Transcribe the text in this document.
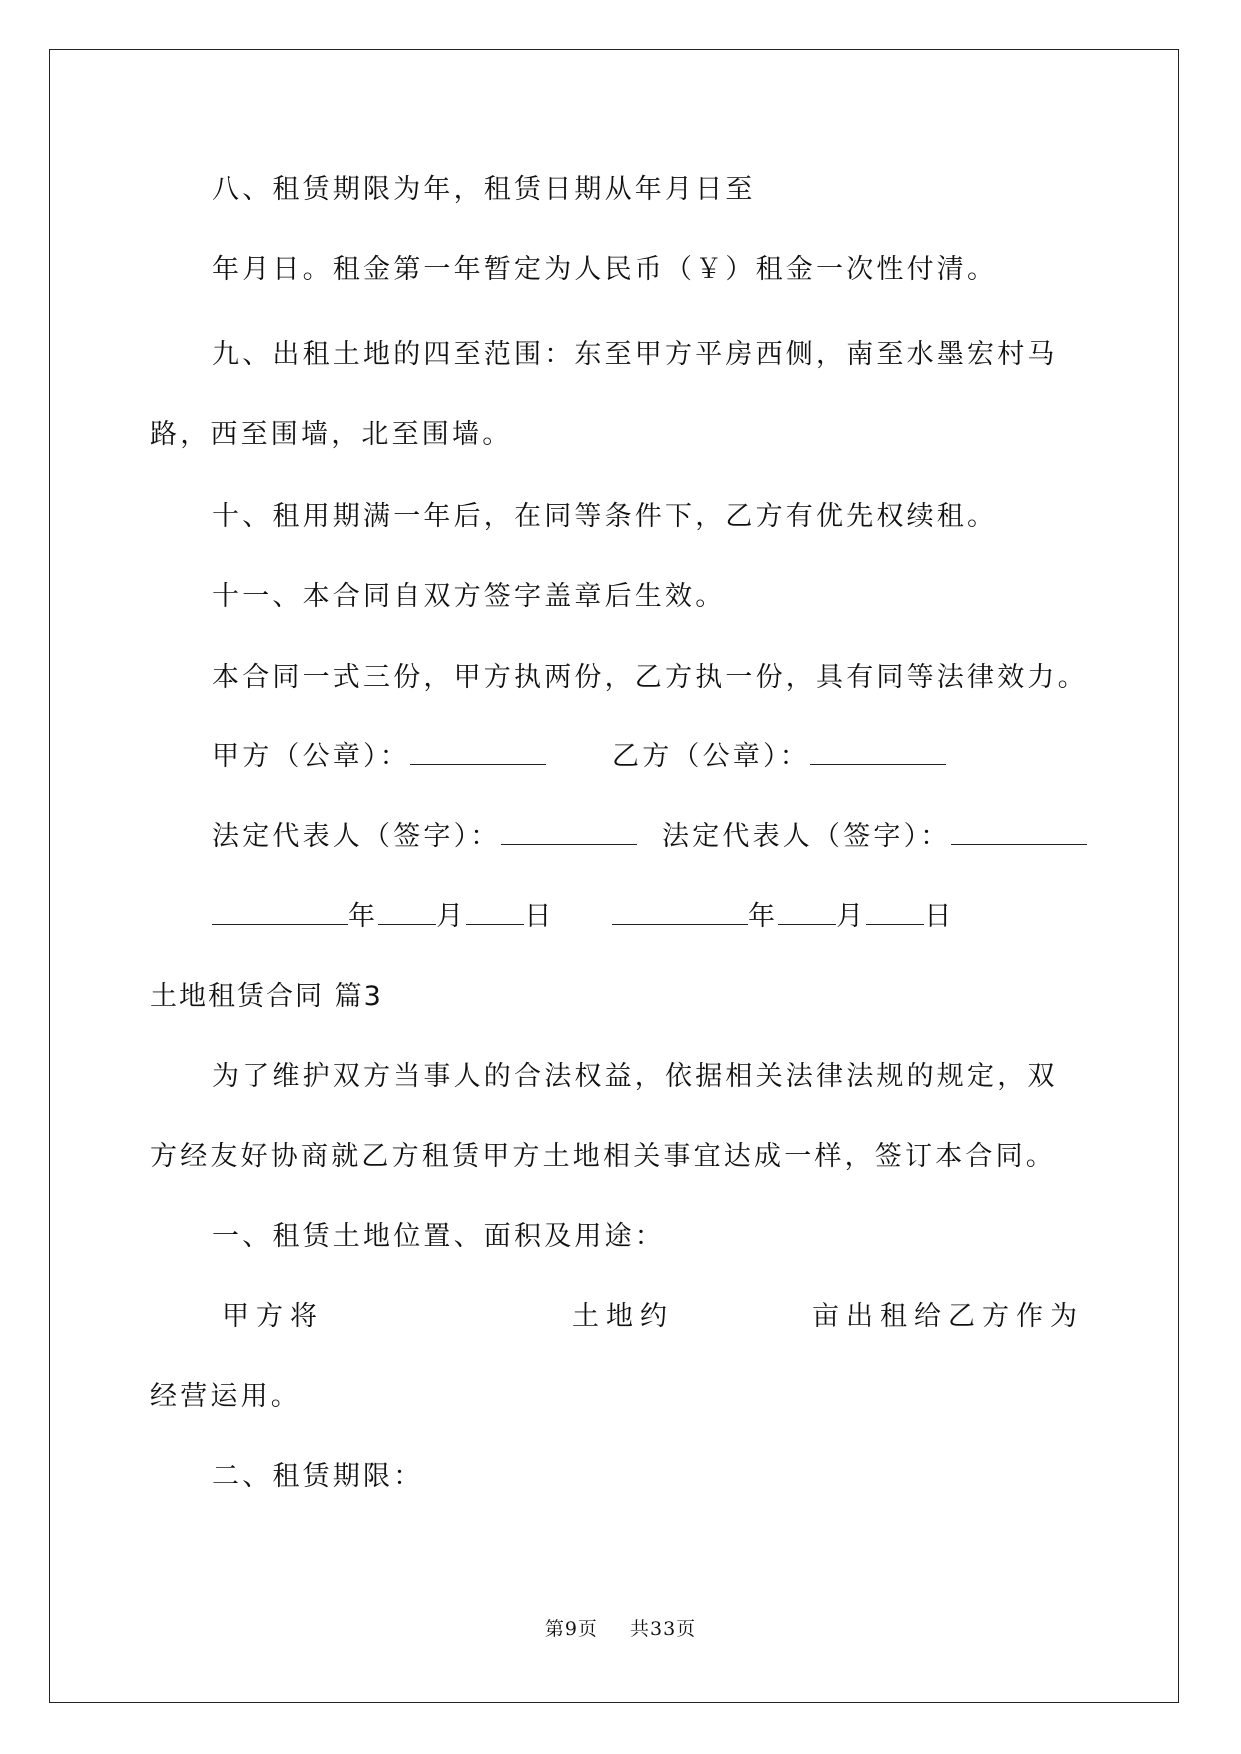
八、租赁期限为年，租赁日期从年月日至
年月日。租金第一年暂定为人民币（￥）租金一次性付清。
九、出租土地的四至范围：东至甲方平房西侧，南至水墨宏村马
路，西至围墙，北至围墙。
十、租用期满一年后，在同等条件下，乙方有优先权续租。
十一、本合同自双方签字盖章后生效。
本合同一式三份，甲方执两份，乙方执一份，具有同等法律效力。
甲方（公章）：	乙方（公章）：
法定代表人（签字）：	法定代表人（签字）：
年 月 日	年 月 日
土地租赁合同 篇3
为了维护双方当事人的合法权益，依据相关法律法规的规定，双
方经友好协商就乙方租赁甲方土地相关事宜达成一样，签订本合同。
一、租赁土地位置、面积及用途：
甲方将	土地约	亩出租给乙方作为
经营运用。
二、租赁期限：
第9页 共33页
